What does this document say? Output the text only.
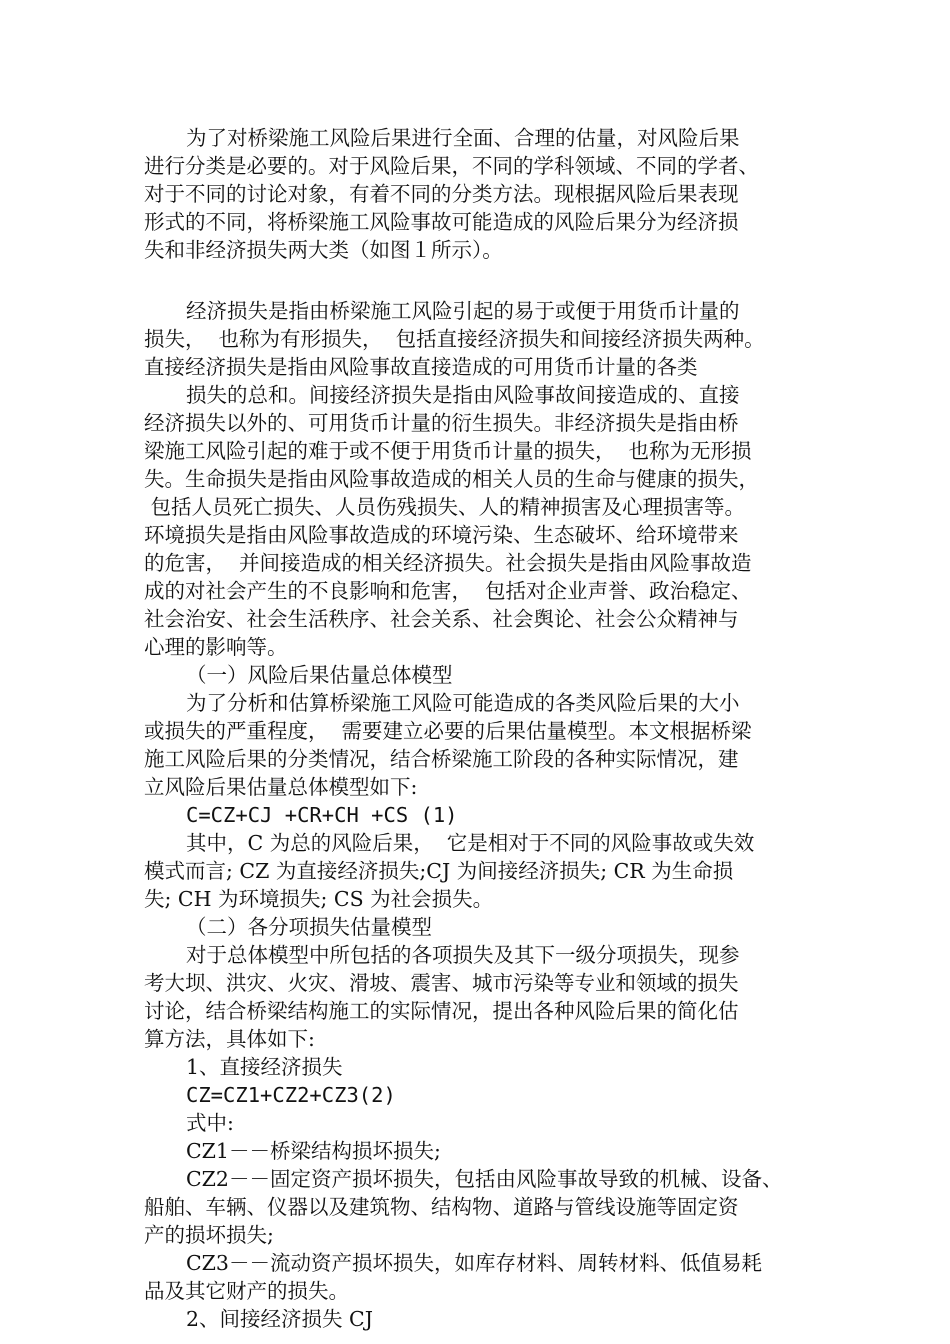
为了对桥梁施工风险后果进行全面、合理的估量，对风险后果
进行分类是必要的。对于风险后果，不同的学科领域、不同的学者、
对于不同的讨论对象，有着不同的分类方法。现根据风险后果表现
形式的不同，将桥梁施工风险事故可能造成的风险后果分为经济损
失和非经济损失两大类（如图１所示）。
经济损失是指由桥梁施工风险引起的易于或便于用货币计量的
损失，  也称为有形损失，  包括直接经济损失和间接经济损失两种。
直接经济损失是指由风险事故直接造成的可用货币计量的各类
损失的总和。间接经济损失是指由风险事故间接造成的、直接
经济损失以外的、可用货币计量的衍生损失。非经济损失是指由桥
梁施工风险引起的难于或不便于用货币计量的损失，  也称为无形损
失。生命损失是指由风险事故造成的相关人员的生命与健康的损失，
包括人员死亡损失、人员伤残损失、人的精神损害及心理损害等。
环境损失是指由风险事故造成的环境污染、生态破坏、给环境带来
的危害，  并间接造成的相关经济损失。社会损失是指由风险事故造
成的对社会产生的不良影响和危害，  包括对企业声誉、政治稳定、
社会治安、社会生活秩序、社会关系、社会舆论、社会公众精神与
心理的影响等。
（一）风险后果估量总体模型
为了分析和估算桥梁施工风险可能造成的各类风险后果的大小
或损失的严重程度，  需要建立必要的后果估量模型。本文根据桥梁
施工风险后果的分类情况，结合桥梁施工阶段的各种实际情况，建
立风险后果估量总体模型如下:
C=CZ+CJ +CR+CH +CS (1)
其中，C 为总的风险后果，  它是相对于不同的风险事故或失效
模式而言; CZ 为直接经济损失;CJ 为间接经济损失; CR 为生命损
失; CH 为环境损失; CS 为社会损失。
（二）各分项损失估量模型
对于总体模型中所包括的各项损失及其下一级分项损失，现参
考大坝、洪灾、火灾、滑坡、震害、城市污染等专业和领域的损失
讨论，结合桥梁结构施工的实际情况，提出各种风险后果的简化估
算方法，具体如下:
1、直接经济损失
CZ=CZ1+CZ2+CZ3(2)
式中:
CZ1－－桥梁结构损坏损失;
CZ2－－固定资产损坏损失，包括由风险事故导致的机械、设备、
船舶、车辆、仪器以及建筑物、结构物、道路与管线设施等固定资
产的损坏损失;
CZ3－－流动资产损坏损失，如库存材料、周转材料、低值易耗
品及其它财产的损失。
2、间接经济损失 CJ
